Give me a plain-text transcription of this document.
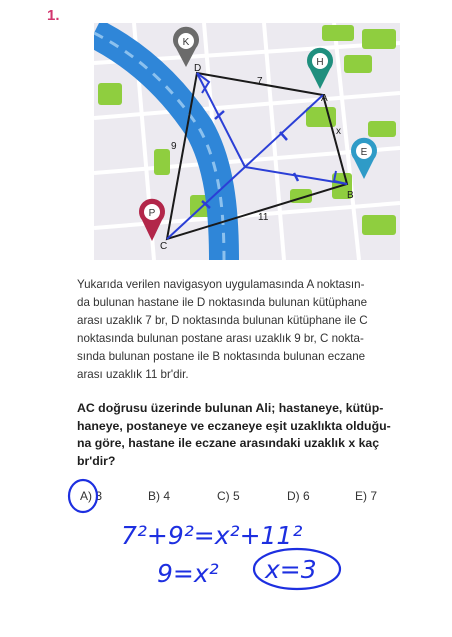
1.
D
A
B
C
7
9
11
x
K
H
E
P
Yukarıda verilen navigasyon uygulamasında A noktasın-
da bulunan hastane ile D noktasında bulunan kütüphane
arası uzaklık 7 br, D noktasında bulunan kütüphane ile C
noktasında bulunan postane arası uzaklık 9 br, C nokta-
sında bulunan postane ile B noktasında bulunan eczane
arası uzaklık 11 br'dir.
AC doğrusu üzerinde bulunan Ali; hastaneye, kütüp-
haneye, postaneye ve eczaneye eşit uzaklıkta olduğu-
na göre, hastane ile eczane arasındaki uzaklık x kaç
br'dir?
A) 3	B) 4	C) 5	D) 6	E) 7
7²+9²=x²+11²
9=x² x=3
